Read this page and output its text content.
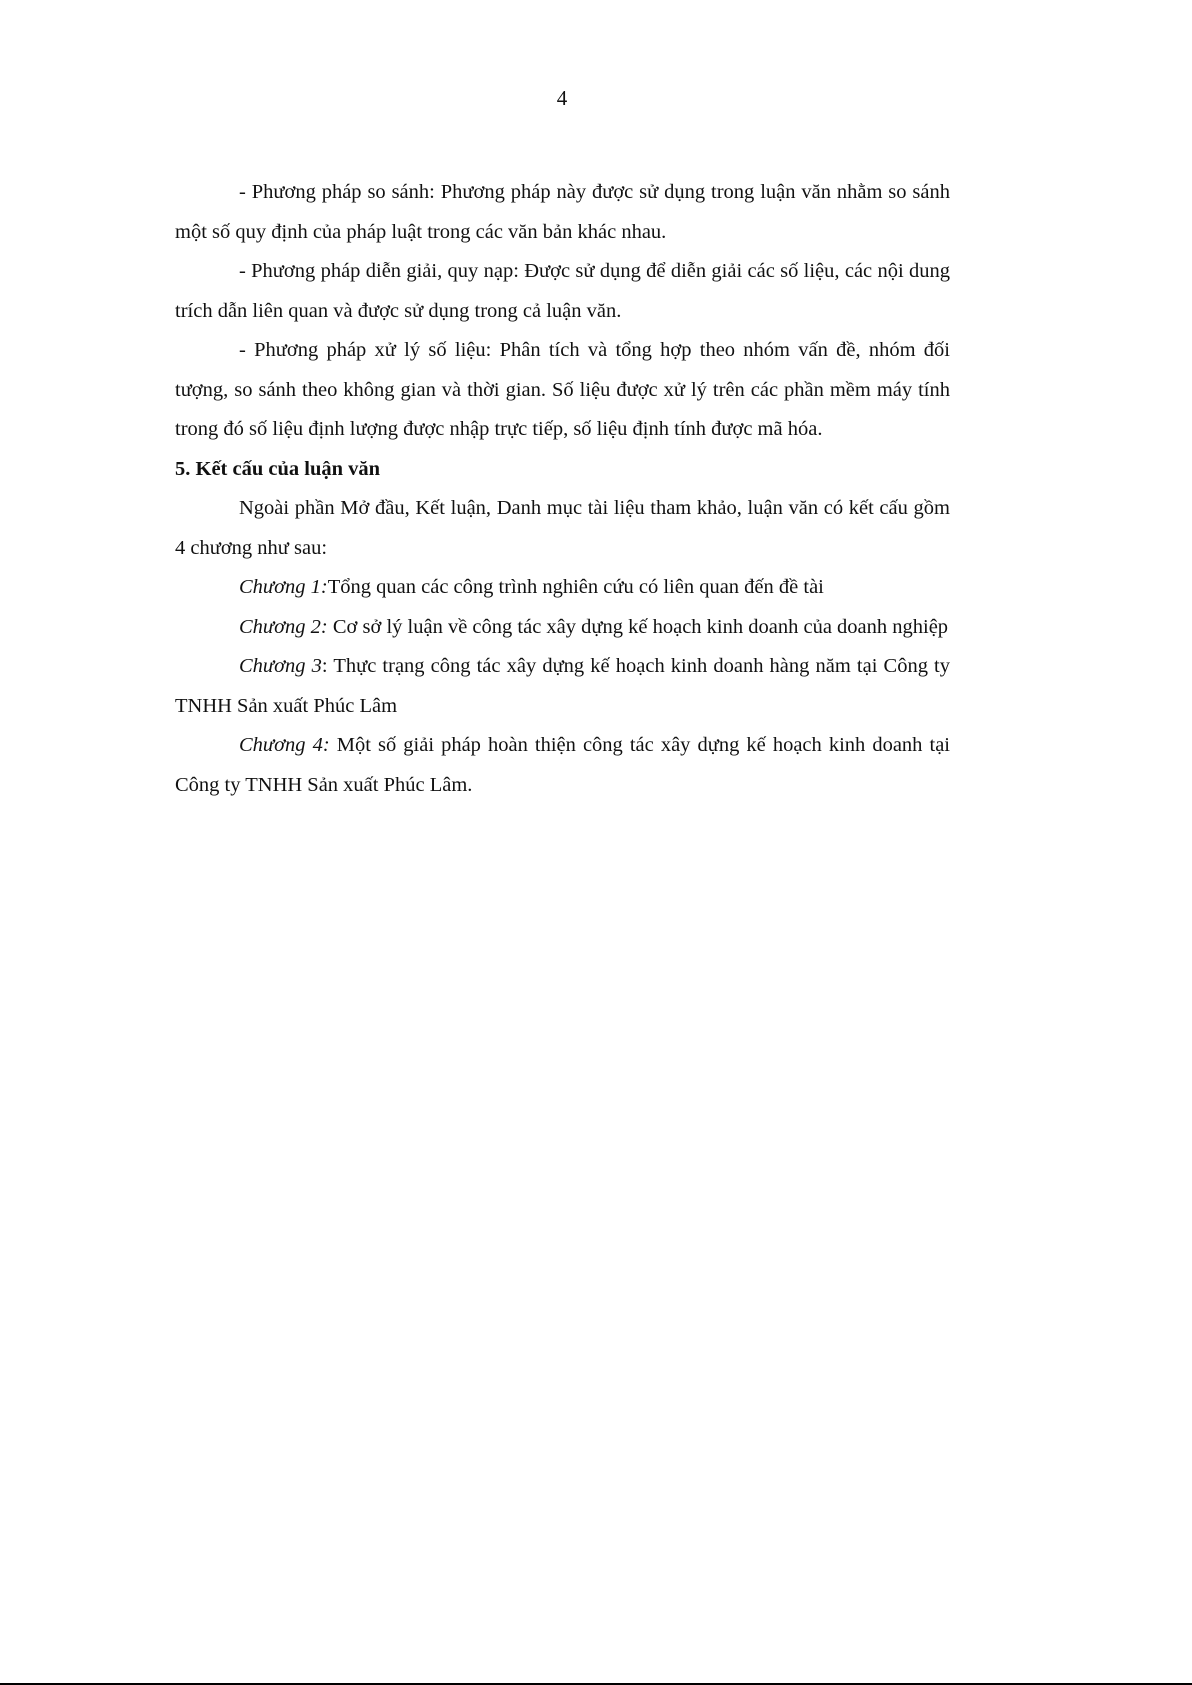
4

- Phương pháp so sánh: Phương pháp này được sử dụng trong luận văn nhằm so sánh một số quy định của pháp luật trong các văn bản khác nhau.

- Phương pháp diễn giải, quy nạp: Được sử dụng để diễn giải các số liệu, các nội dung trích dẫn liên quan và được sử dụng trong cả luận văn.

- Phương pháp xử lý số liệu: Phân tích và tổng hợp theo nhóm vấn đề, nhóm đối tượng, so sánh theo không gian và thời gian. Số liệu được xử lý trên các phần mềm máy tính trong đó số liệu định lượng được nhập trực tiếp, số liệu định tính được mã hóa.

5. Kết cấu của luận văn

Ngoài phần Mở đầu, Kết luận, Danh mục tài liệu tham khảo, luận văn có kết cấu gồm 4 chương như sau:

Chương 1:Tổng quan các công trình nghiên cứu có liên quan đến đề tài

Chương 2: Cơ sở lý luận về công tác xây dựng kế hoạch kinh doanh của doanh nghiệp

Chương 3: Thực trạng công tác xây dựng kế hoạch kinh doanh hàng năm tại Công ty TNHH Sản xuất Phúc Lâm

Chương 4: Một số giải pháp hoàn thiện công tác xây dựng kế hoạch kinh doanh tại Công ty TNHH Sản xuất Phúc Lâm.
